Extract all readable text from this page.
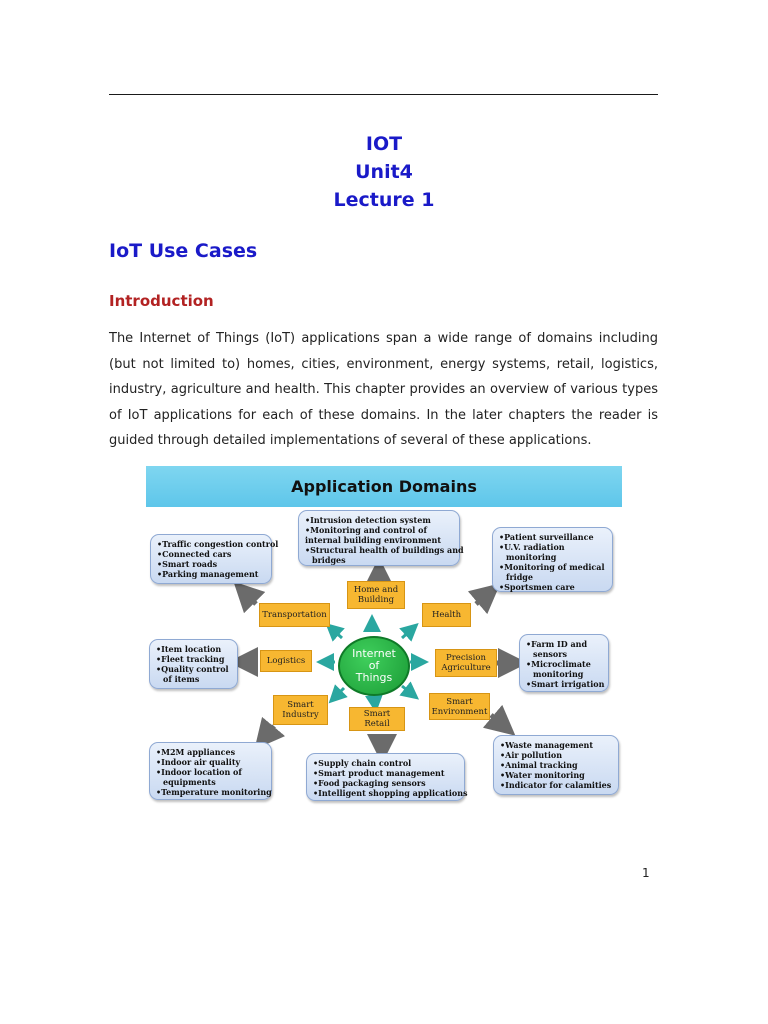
IOT
Unit4
Lecture 1
IoT Use Cases
Introduction
The Internet of Things (IoT) applications span a wide range of domains including (but not limited to) homes, cities, environment, energy systems, retail, logistics, industry, agriculture and health. This chapter provides an overview of various types of IoT applications for each of these domains. In the later chapters the reader is guided through detailed implementations of several of these applications.
Application Domains
•Intrusion detection system
•Monitoring and control of
internal building environment
•Structural health of buildings and
bridges
•Traffic congestion control
•Connected cars
•Smart roads
•Parking management
•Patient surveillance
•U.V. radiation
monitoring
•Monitoring of medical
fridge
•Sportsmen care
•Item location
•Fleet tracking
•Quality control
of items
•Farm ID and
sensors
•Microclimate
monitoring
•Smart irrigation
•M2M appliances
•Indoor air quality
•Indoor location of
equipments
•Temperature monitoring
•Supply chain control
•Smart product management
•Food packaging sensors
•Intelligent shopping applications
•Waste management
•Air pollution
•Animal tracking
•Water monitoring
•Indicator for calamities
Home and
Building
Transportation	Health
Logistics	Precision
Agriculture
Smart
Industry	Smart Retail
Smart
Environment
Internet
of
Things
1
